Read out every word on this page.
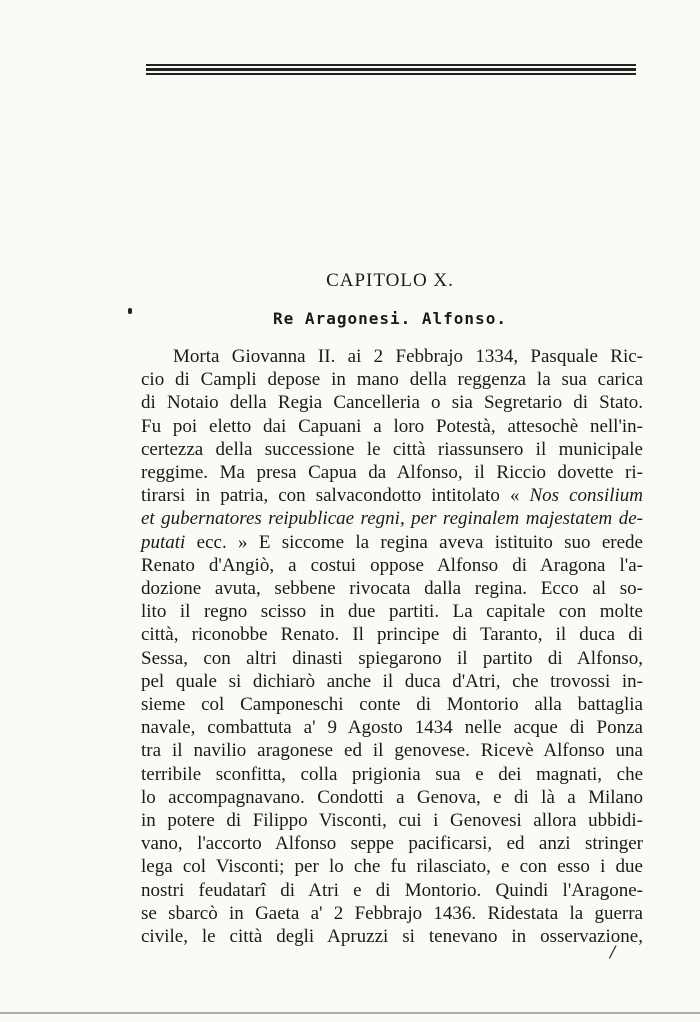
CAPITOLO X.
Re Aragonesi. Alfonso.
Morta Giovanna II. ai 2 Febbrajo 1334, Pasquale Ric-
cio di Campli depose in mano della reggenza la sua carica
di Notaio della Regia Cancelleria o sia Segretario di Stato.
Fu poi eletto dai Capuani a loro Potestà, attesochè nell'in-
certezza della successione le città riassunsero il municipale
reggime. Ma presa Capua da Alfonso, il Riccio dovette ri-
tirarsi in patria, con salvacondotto intitolato « Nos consilium
et gubernatores reipublicae regni, per reginalem majestatem de-
putati ecc. » E siccome la regina aveva istituito suo erede
Renato d'Angiò, a costui oppose Alfonso di Aragona l'a-
dozione avuta, sebbene rivocata dalla regina. Ecco al so-
lito il regno scisso in due partiti. La capitale con molte
città, riconobbe Renato. Il principe di Taranto, il duca di
Sessa, con altri dinasti spiegarono il partito di Alfonso,
pel quale si dichiarò anche il duca d'Atri, che trovossi in-
sieme col Camponeschi conte di Montorio alla battaglia
navale, combattuta a' 9 Agosto 1434 nelle acque di Ponza
tra il navilio aragonese ed il genovese. Ricevè Alfonso una
terribile sconfitta, colla prigionia sua e dei magnati, che
lo accompagnavano. Condotti a Genova, e di là a Milano
in potere di Filippo Visconti, cui i Genovesi allora ubbidi-
vano, l'accorto Alfonso seppe pacificarsi, ed anzi stringer
lega col Visconti; per lo che fu rilasciato, e con esso i due
nostri feudatarî di Atri e di Montorio. Quindi l'Aragone-
se sbarcò in Gaeta a' 2 Febbrajo 1436. Ridestata la guerra
civile, le città degli Apruzzi si tenevano in osservazione,
/
